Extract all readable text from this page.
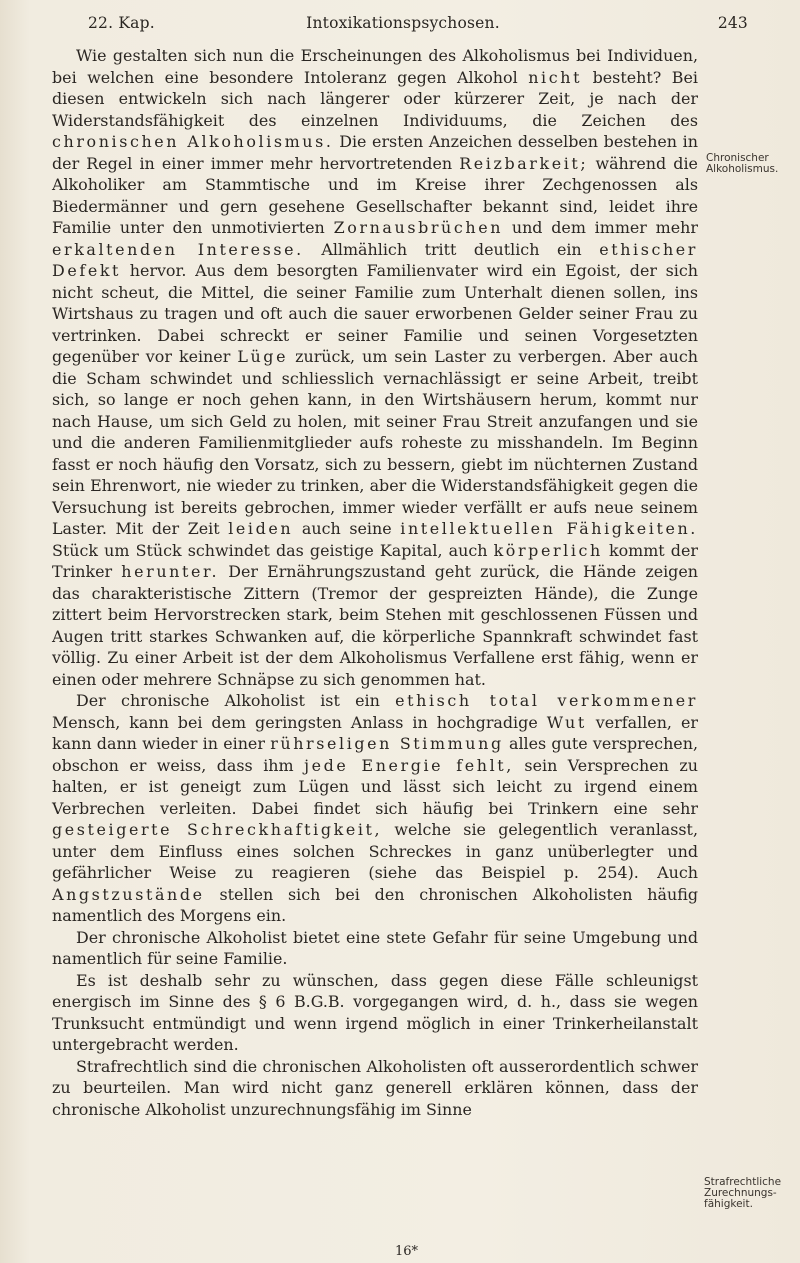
22. Kap.	Intoxikationspsychosen.	243
Chronischer Alkoholismus.
Strafrechtliche Zurechnungs-fähigkeit.

Wie gestalten sich nun die Erscheinungen des Alkoholismus bei Individuen, bei welchen eine besondere Intoleranz gegen Alkohol nicht besteht? Bei diesen entwickeln sich nach längerer oder kürzerer Zeit, je nach der Widerstandsfähigkeit des einzelnen Individuums, die Zeichen des chronischen Alkoholismus. Die ersten Anzeichen desselben bestehen in der Regel in einer immer mehr hervortretenden Reizbarkeit; während die Alkoholiker am Stammtische und im Kreise ihrer Zechgenossen als Biedermänner und gern gesehene Gesellschafter bekannt sind, leidet ihre Familie unter den unmotivierten Zornausbrüchen und dem immer mehr erkaltenden Interesse. Allmählich tritt deutlich ein ethischer Defekt hervor. Aus dem besorgten Familienvater wird ein Egoist, der sich nicht scheut, die Mittel, die seiner Familie zum Unterhalt dienen sollen, ins Wirtshaus zu tragen und oft auch die sauer erworbenen Gelder seiner Frau zu vertrinken. Dabei schreckt er seiner Familie und seinen Vorgesetzten gegenüber vor keiner Lüge zurück, um sein Laster zu verbergen. Aber auch die Scham schwindet und schliesslich vernachlässigt er seine Arbeit, treibt sich, so lange er noch gehen kann, in den Wirtshäusern herum, kommt nur nach Hause, um sich Geld zu holen, mit seiner Frau Streit anzufangen und sie und die anderen Familienmitglieder aufs roheste zu misshandeln. Im Beginn fasst er noch häufig den Vorsatz, sich zu bessern, giebt im nüchternen Zustand sein Ehrenwort, nie wieder zu trinken, aber die Widerstandsfähigkeit gegen die Versuchung ist bereits gebrochen, immer wieder verfällt er aufs neue seinem Laster. Mit der Zeit leiden auch seine intellektuellen Fähigkeiten. Stück um Stück schwindet das geistige Kapital, auch körperlich kommt der Trinker herunter. Der Ernährungszustand geht zurück, die Hände zeigen das charakteristische Zittern (Tremor der gespreizten Hände), die Zunge zittert beim Hervorstrecken stark, beim Stehen mit geschlossenen Füssen und Augen tritt starkes Schwanken auf, die körperliche Spannkraft schwindet fast völlig. Zu einer Arbeit ist der dem Alkoholismus Verfallene erst fähig, wenn er einen oder mehrere Schnäpse zu sich genommen hat.

Der chronische Alkoholist ist ein ethisch total verkommener Mensch, kann bei dem geringsten Anlass in hochgradige Wut verfallen, er kann dann wieder in einer rührseligen Stimmung alles gute versprechen, obschon er weiss, dass ihm jede Energie fehlt, sein Versprechen zu halten, er ist geneigt zum Lügen und lässt sich leicht zu irgend einem Verbrechen verleiten. Dabei findet sich häufig bei Trinkern eine sehr gesteigerte Schreckhaftigkeit, welche sie gelegentlich veranlasst, unter dem Einfluss eines solchen Schreckes in ganz unüberlegter und gefährlicher Weise zu reagieren (siehe das Beispiel p. 254). Auch Angstzustände stellen sich bei den chronischen Alkoholisten häufig namentlich des Morgens ein.

Der chronische Alkoholist bietet eine stete Gefahr für seine Umgebung und namentlich für seine Familie.

Es ist deshalb sehr zu wünschen, dass gegen diese Fälle schleunigst energisch im Sinne des § 6 B.G.B. vorgegangen wird, d. h., dass sie wegen Trunksucht entmündigt und wenn irgend möglich in einer Trinkerheilanstalt untergebracht werden.

Strafrechtlich sind die chronischen Alkoholisten oft ausserordentlich schwer zu beurteilen. Man wird nicht ganz generell erklären können, dass der chronische Alkoholist unzurechnungsfähig im Sinne

16*
